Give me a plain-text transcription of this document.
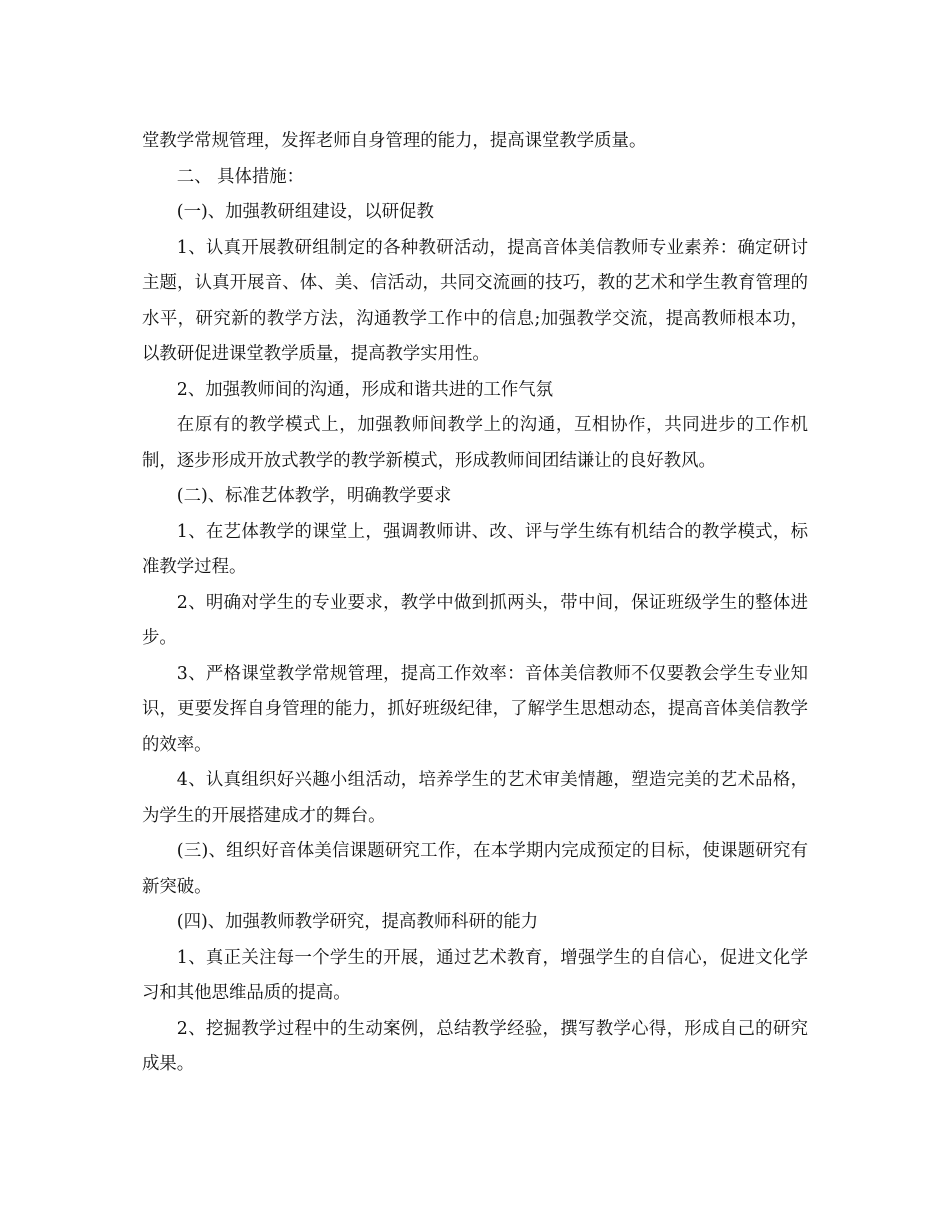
堂教学常规管理，发挥老师自身管理的能力，提高课堂教学质量。

二、 具体措施：

(一)、加强教研组建设，以研促教

1、认真开展教研组制定的各种教研活动，提高音体美信教师专业素养：确定研讨主题，认真开展音、体、美、信活动，共同交流画的技巧，教的艺术和学生教育管理的水平，研究新的教学方法，沟通教学工作中的信息;加强教学交流，提高教师根本功，以教研促进课堂教学质量，提高教学实用性。

2、加强教师间的沟通，形成和谐共进的工作气氛

在原有的教学模式上，加强教师间教学上的沟通，互相协作，共同进步的工作机制，逐步形成开放式教学的教学新模式，形成教师间团结谦让的良好教风。

(二)、标准艺体教学，明确教学要求

1、在艺体教学的课堂上，强调教师讲、改、评与学生练有机结合的教学模式，标准教学过程。

2、明确对学生的专业要求，教学中做到抓两头，带中间，保证班级学生的整体进步。

3、严格课堂教学常规管理，提高工作效率：音体美信教师不仅要教会学生专业知识，更要发挥自身管理的能力，抓好班级纪律，了解学生思想动态，提高音体美信教学的效率。

4、认真组织好兴趣小组活动，培养学生的艺术审美情趣，塑造完美的艺术品格，为学生的开展搭建成才的舞台。

(三)、组织好音体美信课题研究工作，在本学期内完成预定的目标，使课题研究有新突破。

(四)、加强教师教学研究，提高教师科研的能力

1、真正关注每一个学生的开展，通过艺术教育，增强学生的自信心，促进文化学习和其他思维品质的提高。

2、挖掘教学过程中的生动案例，总结教学经验，撰写教学心得，形成自己的研究成果。
